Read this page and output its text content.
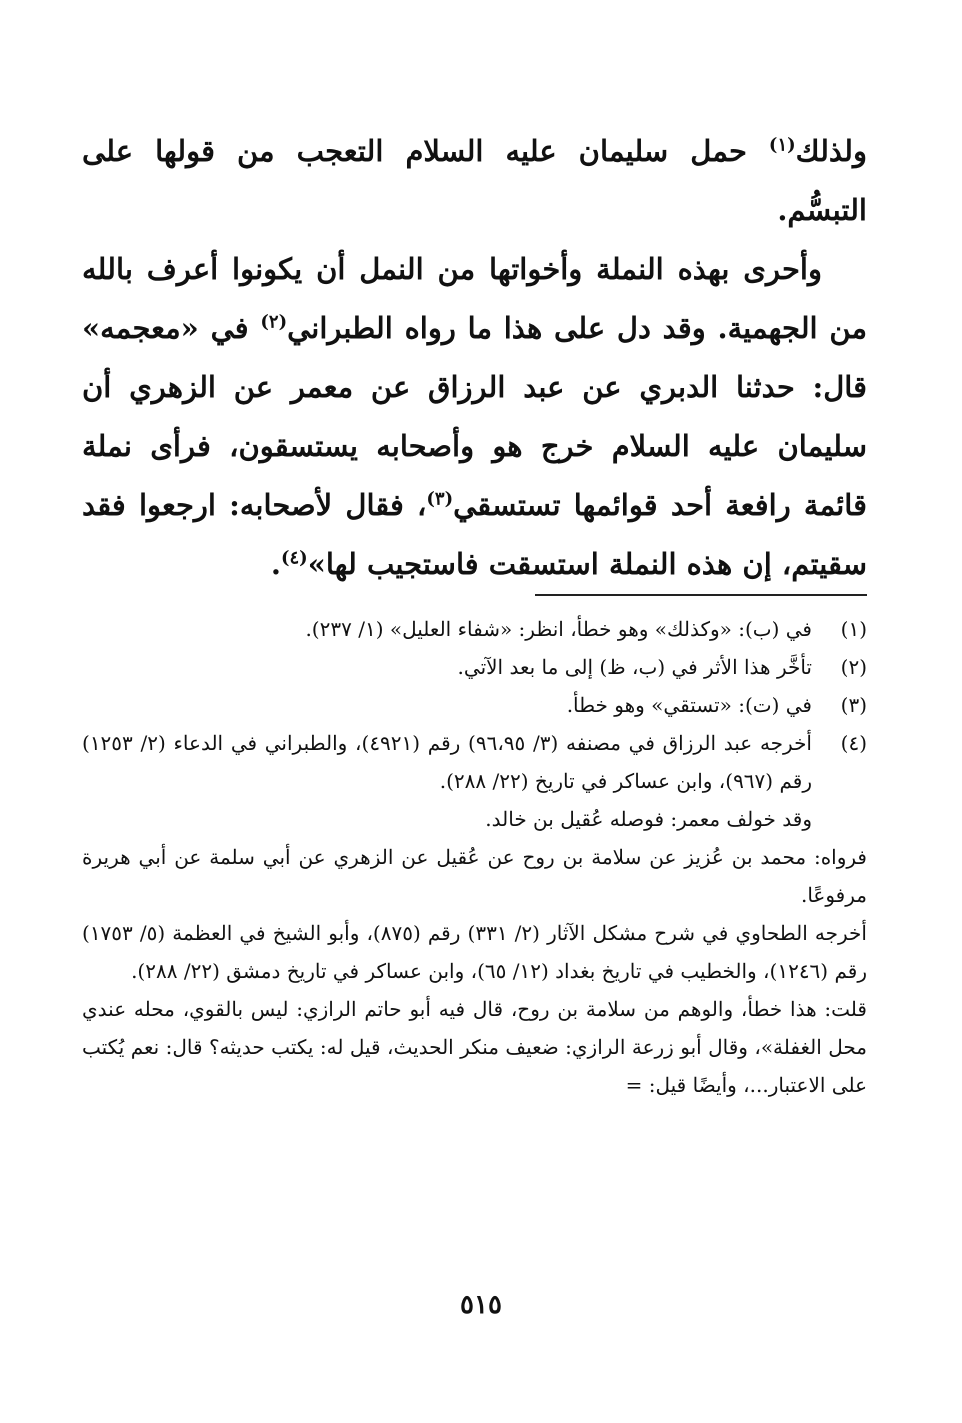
ولذلك$^{(١)}$ حمل سليمان عليه السلام التعجب من قولها على التبسُّم.

وأحرى بهذه النملة وأخواتها من النمل أن يكونوا أعرف بالله من الجهمية. وقد دل على هذا ما رواه الطبراني$^{(٢)}$ في «معجمه» قال: حدثنا الدبري عن عبد الرزاق عن معمر عن الزهري أن سليمان عليه السلام خرج هو وأصحابه يستسقون، فرأى نملة قائمة رافعة أحد قوائمها تستسقي$^{(٣)}$، فقال لأصحابه: ارجعوا فقد سقيتم، إن هذه النملة استسقت فاستجيب لها»$^{(٤)}$.

(١)
في (ب): «وكذلك» وهو خطأ، انظر: «شفاء العليل» (١/ ٢٣٧).
(٢)
تأخَّر هذا الأثر في (ب، ظ) إلى ما بعد الآتي.
(٣)
في (ت): «تستقي» وهو خطأ.
(٤)
أخرجه عبد الرزاق في مصنفه (٣/ ٩٦،٩٥) رقم (٤٩٢١)، والطبراني في الدعاء (٢/ ١٢٥٣) رقم (٩٦٧)، وابن عساكر في تاريخ (٢٢/ ٢٨٨).

وقد خولف معمر: فوصله عُقيل بن خالد.

فرواه: محمد بن عُزيز عن سلامة بن روح عن عُقيل عن الزهري عن أبي سلمة عن أبي هريرة مرفوعًا.

أخرجه الطحاوي في شرح مشكل الآثار (٢/ ٣٣١) رقم (٨٧٥)، وأبو الشيخ في العظمة (٥/ ١٧٥٣) رقم (١٢٤٦)، والخطيب في تاريخ بغداد (١٢/ ٦٥)، وابن عساكر في تاريخ دمشق (٢٢/ ٢٨٨).

قلت: هذا خطأ، والوهم من سلامة بن روح، قال فيه أبو حاتم الرازي: ليس بالقوي، محله عندي محل الغفلة»، وقال أبو زرعة الرازي: ضعيف منكر الحديث، قيل له: يكتب حديثه؟ قال: نعم يُكتب على الاعتبار...، وأيضًا قيل: =

٥١٥
